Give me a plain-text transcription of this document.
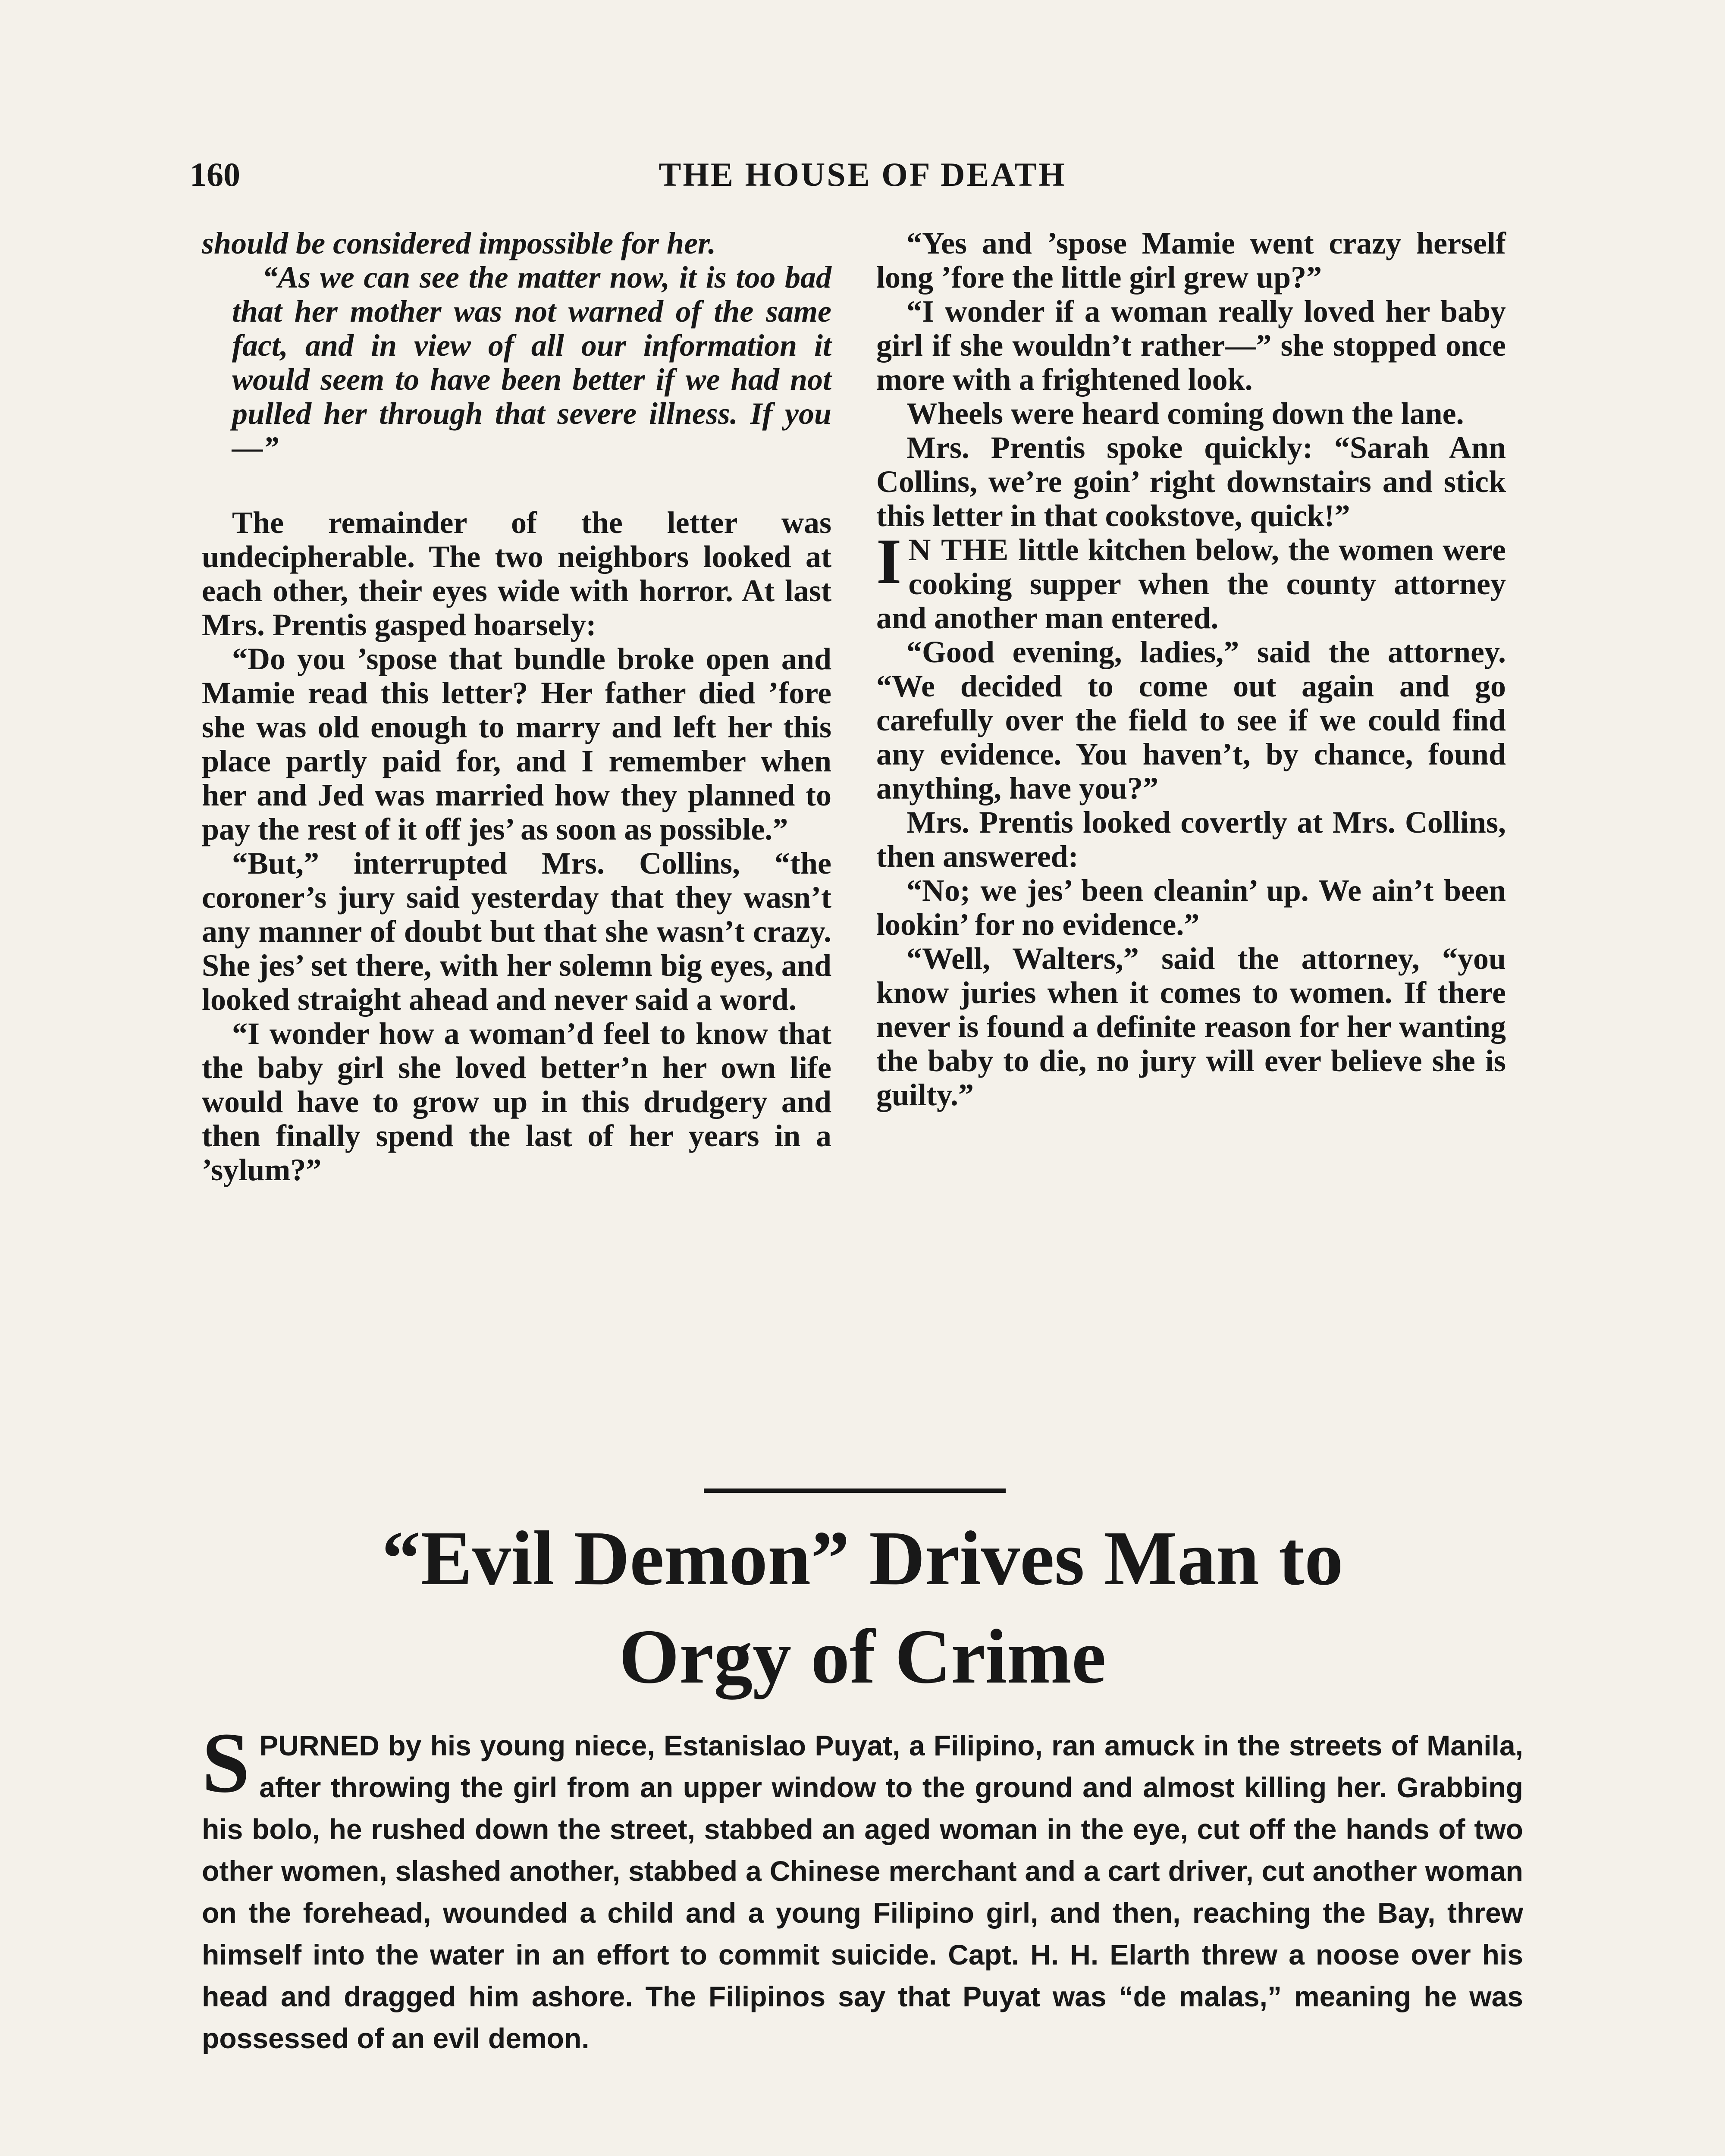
THE HOUSE OF DEATH
160

should be considered impossible for her.

“As we can see the matter now, it is too bad that her mother was not warned of the same fact, and in view of all our information it would seem to have been better if we had not pulled her through that severe illness. If you—”

The remainder of the letter was undecipherable. The two neighbors looked at each other, their eyes wide with horror. At last Mrs. Prentis gasped hoarsely:

“Do you ’spose that bundle broke open and Mamie read this letter? Her father died ’fore she was old enough to marry and left her this place partly paid for, and I remember when her and Jed was married how they planned to pay the rest of it off jes’ as soon as possible.”

“But,” interrupted Mrs. Collins, “the coroner’s jury said yesterday that they wasn’t any manner of doubt but that she wasn’t crazy. She jes’ set there, with her solemn big eyes, and looked straight ahead and never said a word.

“I wonder how a woman’d feel to know that the baby girl she loved better’n her own life would have to grow up in this drudgery and then finally spend the last of her years in a ’sylum?”

“Yes and ’spose Mamie went crazy herself long ’fore the little girl grew up?”

“I wonder if a woman really loved her baby girl if she wouldn’t rather—” she stopped once more with a frightened look.

Wheels were heard coming down the lane.

Mrs. Prentis spoke quickly: “Sarah Ann Collins, we’re goin’ right downstairs and stick this letter in that cookstove, quick!”

I N THE little kitchen below, the women were cooking supper when the county attorney and another man entered.

“Good evening, ladies,” said the attorney. “We decided to come out again and go carefully over the field to see if we could find any evidence. You haven’t, by chance, found anything, have you?”

Mrs. Prentis looked covertly at Mrs. Collins, then answered:

“No; we jes’ been cleanin’ up. We ain’t been lookin’ for no evidence.”

“Well, Walters,” said the attorney, “you know juries when it comes to women. If there never is found a definite reason for her wanting the baby to die, no jury will ever believe she is guilty.”

“Evil Demon” Drives Man to
Orgy of Crime
SPURNED by his young niece, Estanislao Puyat, a Filipino, ran amuck in the streets of Manila, after throwing the girl from an upper window to the ground and almost killing her. Grabbing his bolo, he rushed down the street, stabbed an aged woman in the eye, cut off the hands of two other women, slashed another, stabbed a Chinese merchant and a cart driver, cut another woman on the forehead, wounded a child and a young Filipino girl, and then, reaching the Bay, threw himself into the water in an effort to commit suicide. Capt. H. H. Elarth threw a noose over his head and dragged him ashore. The Filipinos say that Puyat was “de malas,” meaning he was possessed of an evil demon.
